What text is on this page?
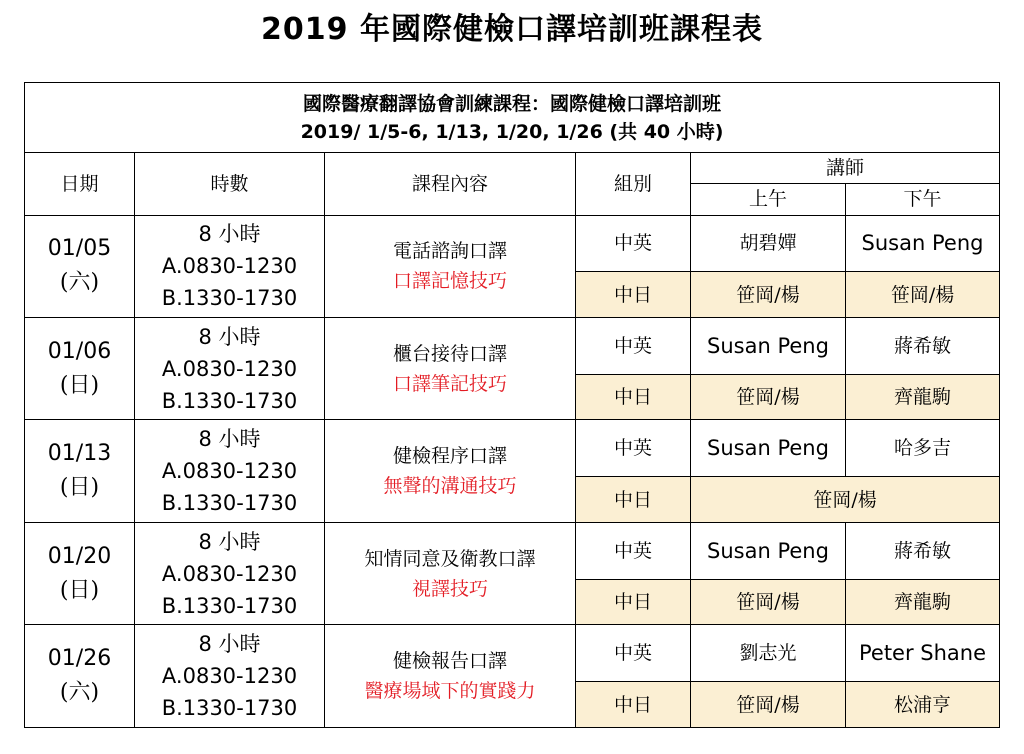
2019 年國際健檢口譯培訓班課程表
國際醫療翻譯協會訓練課程：國際健檢口譯培訓班
2019/ 1/5-6, 1/13, 1/20, 1/26 (共 40 小時)					

日期	時數	課程內容	組別	講師	
				上午	下午

01/05
(六)	8 小時
A.0830-1230
B.1330-1730	電話諮詢口譯
口譯記憶技巧	中英	胡碧嬋	Susan Peng
			中日	笹岡/楊	笹岡/楊

01/06
(日)	8 小時
A.0830-1230
B.1330-1730	櫃台接待口譯
口譯筆記技巧	中英	Susan Peng	蔣希敏
			中日	笹岡/楊	齊龍駒

01/13
(日)	8 小時
A.0830-1230
B.1330-1730	健檢程序口譯
無聲的溝通技巧	中英	Susan Peng	哈多吉
			中日	笹岡/楊	

01/20
(日)	8 小時
A.0830-1230
B.1330-1730	知情同意及衛教口譯
視譯技巧	中英	Susan Peng	蔣希敏
			中日	笹岡/楊	齊龍駒

01/26
(六)	8 小時
A.0830-1230
B.1330-1730	健檢報告口譯
醫療場域下的實踐力	中英	劉志光	Peter Shane
			中日	笹岡/楊	松浦亨
